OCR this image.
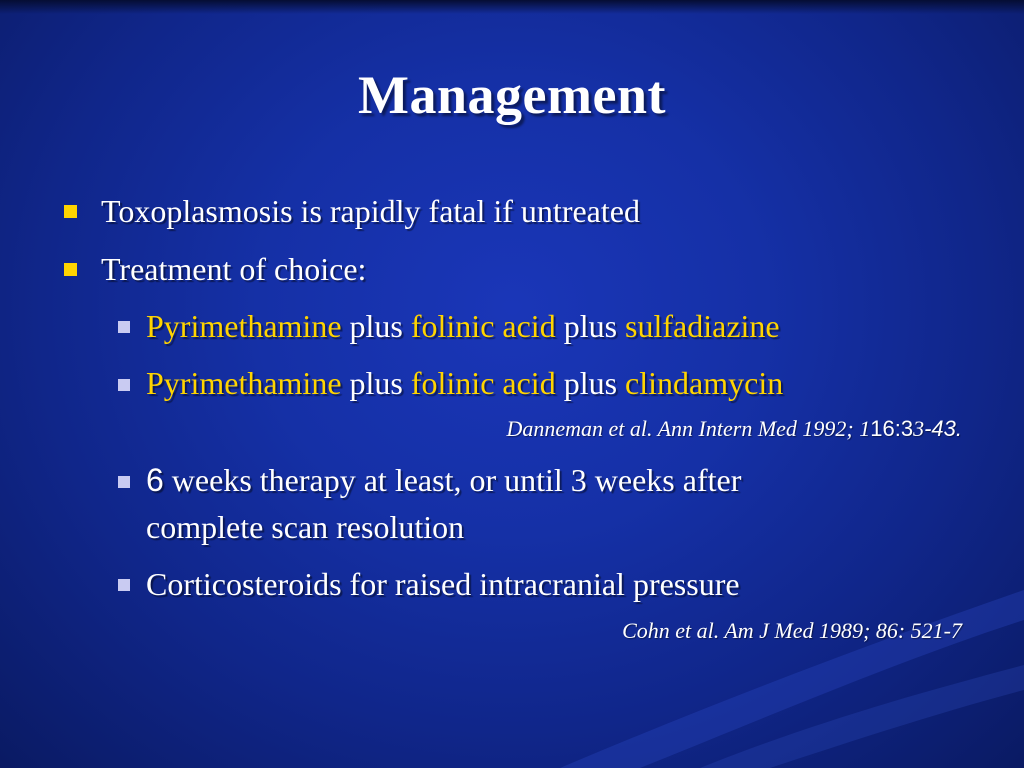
Management
Toxoplasmosis is rapidly fatal if untreated
Treatment of choice:
Pyrimethamine plus folinic acid plus sulfadiazine
Pyrimethamine plus folinic acid plus clindamycin
Danneman et al. Ann Intern Med 1992; 116:33-43.
6 weeks therapy at least, or until 3 weeks after
complete scan resolution
Corticosteroids for raised intracranial pressure
Cohn et al. Am J Med 1989; 86: 521-7
